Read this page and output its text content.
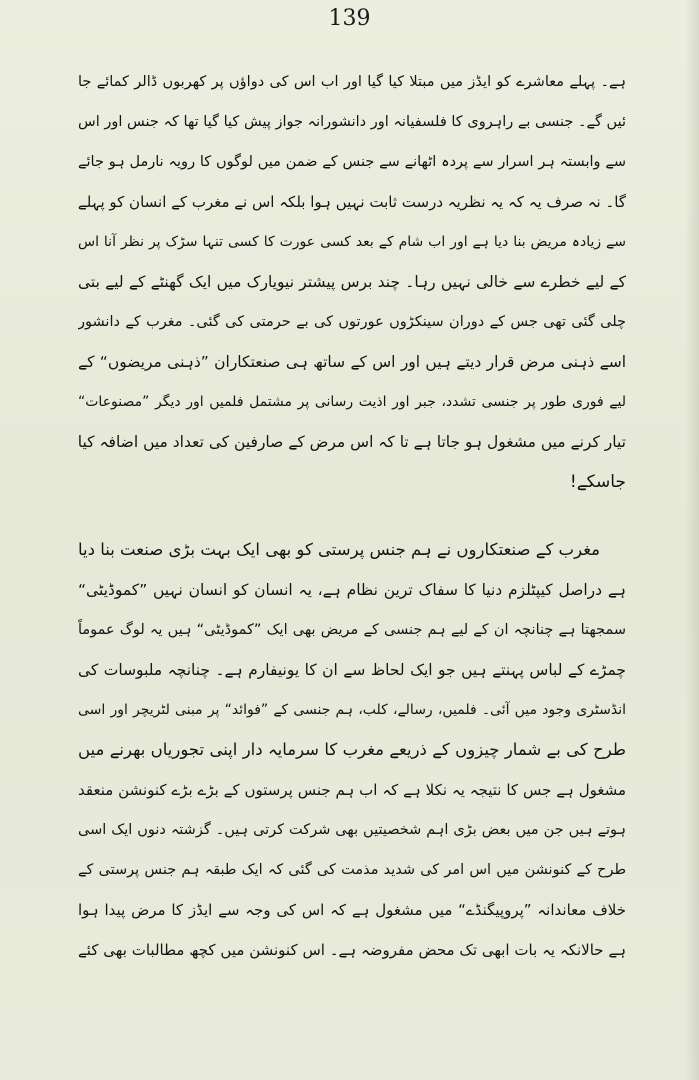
139
ہے۔ پہلے معاشرے کو ایڈز میں مبتلا کیا گیا اور اب اس کی دواؤں پر کھربوں ڈالر کمائے جا
ئیں گے۔ جنسی بے راہروی کا فلسفیانہ اور دانشورانہ جواز پیش کیا گیا تھا کہ جنس اور اس
سے وابستہ ہر اسرار سے پردہ اٹھانے سے جنس کے ضمن میں لوگوں کا رویہ نارمل ہو جائے
گا۔ نہ صرف یہ کہ یہ نظریہ درست ثابت نہیں ہوا بلکہ اس نے مغرب کے انسان کو پہلے
سے زیادہ مریض بنا دیا ہے اور اب شام کے بعد کسی عورت کا کسی تنہا سڑک پر نظر آنا اس
کے لیے خطرے سے خالی نہیں رہا۔ چند برس پیشتر نیویارک میں ایک گھنٹے کے لیے بتی
چلی گئی تھی جس کے دوران سینکڑوں عورتوں کی بے حرمتی کی گئی۔ مغرب کے دانشور
اسے ذہنی مرض قرار دیتے ہیں اور اس کے ساتھ ہی صنعتکاران ”ذہنی مریضوں“ کے
لیے فوری طور پر جنسی تشدد، جبر اور اذیت رسانی پر مشتمل فلمیں اور دیگر ”مصنوعات“
تیار کرنے میں مشغول ہو جاتا ہے تا کہ اس مرض کے صارفین کی تعداد میں اضافہ کیا
جاسکے!
مغرب کے صنعتکاروں نے ہم جنس پرستی کو بھی ایک بہت بڑی صنعت بنا دیا
ہے دراصل کیپٹلزم دنیا کا سفاک ترین نظام ہے، یہ انسان کو انسان نہیں ”کموڈیٹی“
سمجھتا ہے چنانچہ ان کے لیے ہم جنسی کے مریض بھی ایک ”کموڈیٹی“ ہیں یہ لوگ عموماً
چمڑے کے لباس پہنتے ہیں جو ایک لحاظ سے ان کا یونیفارم ہے۔ چنانچہ ملبوسات کی
انڈسٹری وجود میں آئی۔ فلمیں، رسالے، کلب، ہم جنسی کے ”فوائد“ پر مبنی لٹریچر اور اسی
طرح کی بے شمار چیزوں کے ذریعے مغرب کا سرمایہ دار اپنی تجوریاں بھرنے میں
مشغول ہے جس کا نتیجہ یہ نکلا ہے کہ اب ہم جنس پرستوں کے بڑے بڑے کنونشن منعقد
ہوتے ہیں جن میں بعض بڑی اہم شخصیتیں بھی شرکت کرتی ہیں۔ گزشتہ دنوں ایک اسی
طرح کے کنونشن میں اس امر کی شدید مذمت کی گئی کہ ایک طبقہ ہم جنس پرستی کے
خلاف معاندانہ ”پروپیگنڈے“ میں مشغول ہے کہ اس کی وجہ سے ایڈز کا مرض پیدا ہوا
ہے حالانکہ یہ بات ابھی تک محض مفروضہ ہے۔ اس کنونشن میں کچھ مطالبات بھی کئے
